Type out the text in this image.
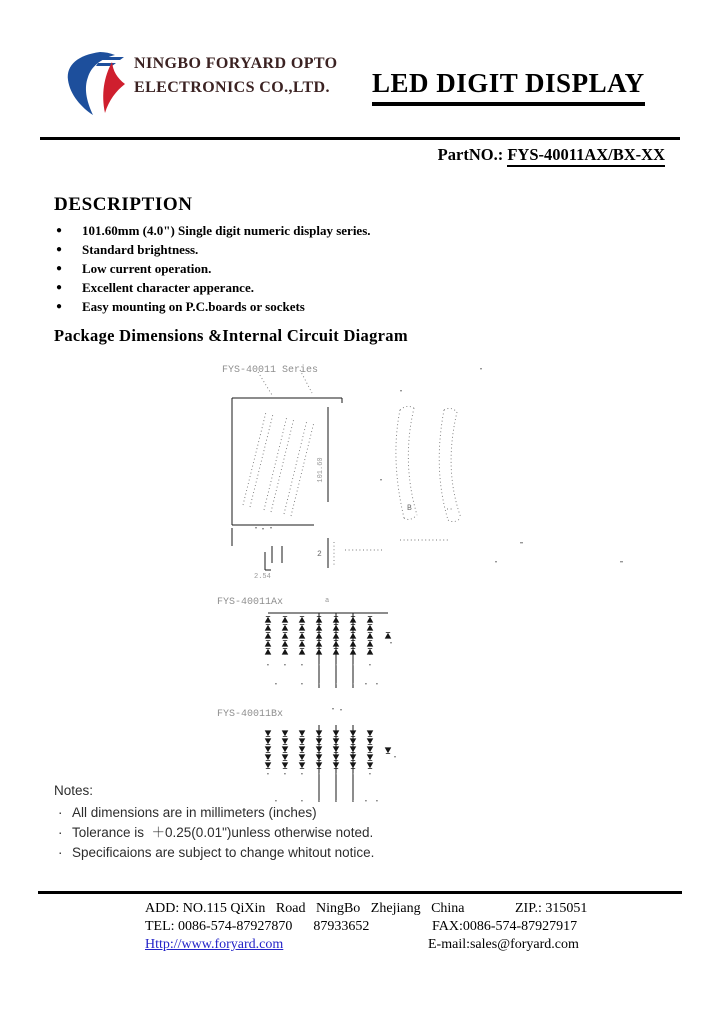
NINGBO FORYARD OPTO
ELECTRONICS CO.,LTD. LED DIGIT DISPLAY
PartNO.: FYS-40011AX/BX-XX
DESCRIPTION
●	101.60mm (4.0") Single digit numeric display series.
●	Standard brightness.
●	Low current operation.
●	Excellent character apperance.
●	Easy mounting on P.C.boards or sockets
Package Dimensions &Internal Circuit Diagram
FYS-40011 Series
101.60
2.54
2
B
FYS-40011Ax	a
FYS-40011Bx

Notes:

· All dimensions are in millimeters (inches)
· Tolerance is  ＋0.25(0.01")unless otherwise noted.
· Specificaions are subject to change whitout notice.
ADD: NO.115 QiXin   Road   NingBo   Zhejiang   China	ZIP.: 315051
TEL: 0086-574-87927870      87933652	FAX:0086-574-87927917
Http://www.foryard.com	E-mail:sales@foryard.com
